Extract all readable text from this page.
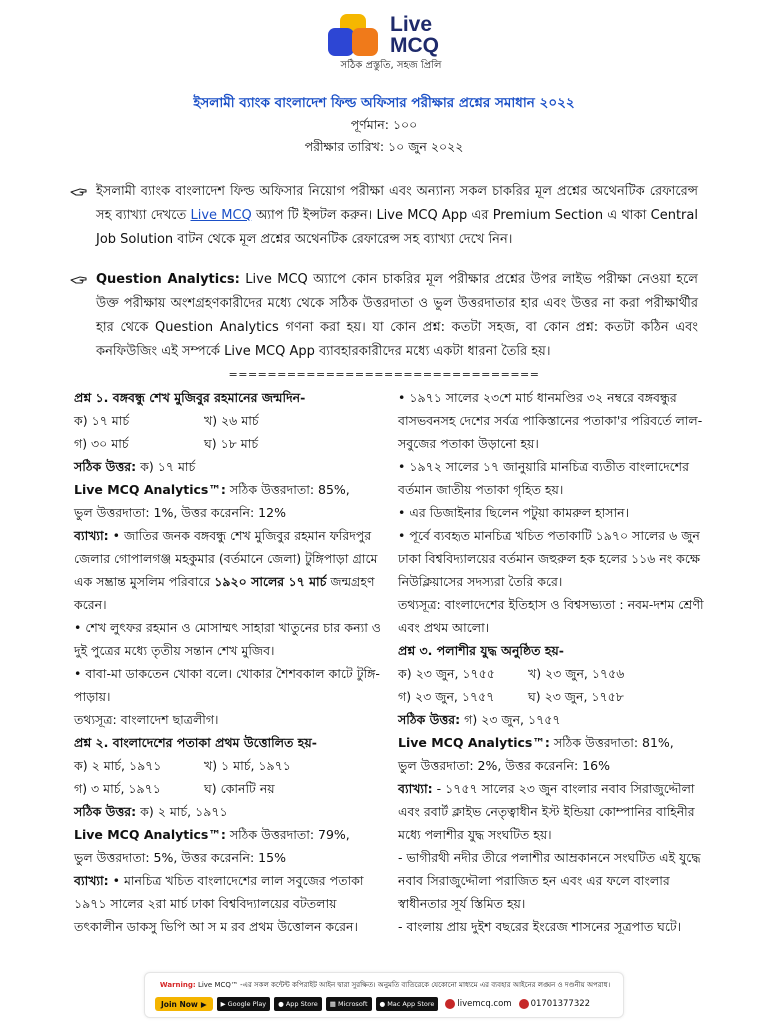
Live
MCQ
সঠিক প্রস্তুতি, সহজ প্রিলি
ইসলামী ব্যাংক বাংলাদেশ ফিল্ড অফিসার পরীক্ষার প্রশ্নের সমাধান ২০২২
পূর্ণমান: ১০০
পরীক্ষার তারিখ: ১০ জুন ২০২২
ইসলামী ব্যাংক বাংলাদেশ ফিল্ড অফিসার নিয়োগ পরীক্ষা এবং অন্যান্য সকল চাকরির মূল প্রশ্নের অথেনটিক রেফারেন্স সহ ব্যাখ্যা দেখতে Live MCQ অ্যাপ টি ইন্সটল করুন। Live MCQ App এর Premium Section এ থাকা Central Job Solution বাটন থেকে মূল প্রশ্নের অথেনটিক রেফারেন্স সহ ব্যাখ্যা দেখে নিন।
Question Analytics: Live MCQ অ্যাপে কোন চাকরির মূল পরীক্ষার প্রশ্নের উপর লাইভ পরীক্ষা নেওয়া হলে উক্ত পরীক্ষায় অংশগ্রহণকারীদের মধ্যে থেকে সঠিক উত্তরদাতা ও ভুল উত্তরদাতার হার এবং উত্তর না করা পরীক্ষার্থীর হার থেকে Question Analytics গণনা করা হয়। যা কোন প্রশ্ন: কতটা সহজ, বা কোন প্রশ্ন: কতটা কঠিন এবং কনফিউজিং এই সম্পর্কে Live MCQ App ব্যাবহারকারীদের মধ্যে একটা ধারনা তৈরি হয়।
================================
প্রশ্ন ১. বঙ্গবন্ধু শেখ মুজিবুর রহমানের জন্মদিন-
ক) ১৭ মার্চ	খ) ২৬ মার্চ
গ) ৩০ মার্চ	ঘ) ১৮ মার্চ
সঠিক উত্তর: ক) ১৭ মার্চ
Live MCQ Analytics™: সঠিক উত্তরদাতা: 85%,
ভুল উত্তরদাতা: 1%, উত্তর করেননি: 12%
ব্যাখ্যা: • জাতির জনক বঙ্গবন্ধু শেখ মুজিবুর রহমান ফরিদপুর জেলার গোপালগঞ্জ মহকুমার (বর্তমানে জেলা) টুঙ্গিপাড়া গ্রামে এক সম্ভ্রান্ত মুসলিম পরিবারে ১৯২০ সালের ১৭ মার্চ জন্মগ্রহণ করেন।
• শেখ লুৎফর রহমান ও মোসাম্মৎ সাহারা খাতুনের চার কন্যা ও দুই পুত্রের মধ্যে তৃতীয় সন্তান শেখ মুজিব।
• বাবা-মা ডাকতেন খোকা বলে। খোকার শৈশবকাল কাটে টুঙ্গি-পাড়ায়।
তথ্যসূত্র: বাংলাদেশ ছাত্রলীগ।
প্রশ্ন ২. বাংলাদেশের পতাকা প্রথম উত্তোলিত হয়-
ক) ২ মার্চ, ১৯৭১	খ) ১ মার্চ, ১৯৭১
গ) ৩ মার্চ, ১৯৭১	ঘ) কোনটি নয়
সঠিক উত্তর: ক) ২ মার্চ, ১৯৭১
Live MCQ Analytics™: সঠিক উত্তরদাতা: 79%,
ভুল উত্তরদাতা: 5%, উত্তর করেননি: 15%
ব্যাখ্যা: • মানচিত্র খচিত বাংলাদেশের লাল সবুজের পতাকা ১৯৭১ সালের ২রা মার্চ ঢাকা বিশ্ববিদ্যালয়ের বটতলায় তৎকালীন ডাকসু ভিপি আ স ম রব প্রথম উত্তোলন করেন।
• ১৯৭১ সালের ২৩শে মার্চ ধানমণ্ডির ৩২ নম্বরে বঙ্গবন্ধুর বাসভবনসহ দেশের সর্বত্র পাকিস্তানের পতাকা'র পরিবর্তে লাল-সবুজের পতাকা উড়ানো হয়।
• ১৯৭২ সালের ১৭ জানুয়ারি মানচিত্র ব্যতীত বাংলাদেশের বর্তমান জাতীয় পতাকা গৃহিত হয়।
• এর ডিজাইনার ছিলেন পটুয়া কামরুল হাসান।
• পূর্বে ব্যবহৃত মানচিত্র খচিত পতাকাটি ১৯৭০ সালের ৬ জুন ঢাকা বিশ্ববিদ্যালয়ের বর্তমান জহুরুল হক হলের ১১৬ নং কক্ষে নিউক্লিয়াসের সদস্যরা তৈরি করে।
তথ্যসূত্র: বাংলাদেশের ইতিহাস ও বিশ্বসভ্যতা : নবম-দশম শ্রেণী এবং প্রথম আলো।
প্রশ্ন ৩. পলাশীর যুদ্ধ অনুষ্ঠিত হয়-
ক) ২৩ জুন, ১৭৫৫	খ) ২৩ জুন, ১৭৫৬
গ) ২৩ জুন, ১৭৫৭	ঘ) ২৩ জুন, ১৭৫৮
সঠিক উত্তর: গ) ২৩ জুন, ১৭৫৭
Live MCQ Analytics™: সঠিক উত্তরদাতা: 81%,
ভুল উত্তরদাতা: 2%, উত্তর করেননি: 16%
ব্যাখ্যা: - ১৭৫৭ সালের ২৩ জুন বাংলার নবাব সিরাজুদ্দৌলা এবং রবার্ট ক্লাইভ নেতৃত্বাধীন ইস্ট ইন্ডিয়া কোম্পানির বাহিনীর মধ্যে পলাশীর যুদ্ধ সংঘটিত হয়।
- ভাগীরথী নদীর তীরে পলাশীর আম্রকাননে সংঘটিত এই যুদ্ধে নবাব সিরাজুদ্দৌলা পরাজিত হন এবং এর ফলে বাংলার স্বাধীনতার সূর্য স্তিমিত হয়।
- বাংলায় প্রায় দুইশ বছরের ইংরেজ শাসনের সূত্রপাত ঘটে।
Warning: Live MCQ™ -এর সকল কন্টেন্ট কপিরাইট আইন দ্বারা সুরক্ষিত। অনুমতি ব্যতিরেকে যেকোনো মাধ্যমে এর ব্যবহার আইনের লঙ্ঘন ও দণ্ডনীয় অপরাধ।
Join Now ▶ ▶ Google Play ● App Store ▦ Microsoft ● Mac App Store	livemcq.com 01701377322
